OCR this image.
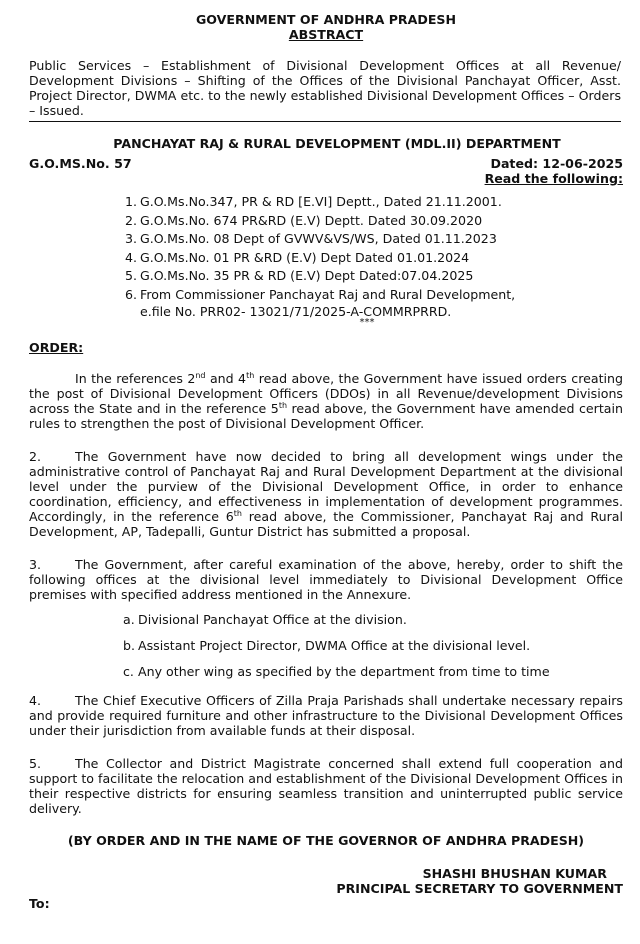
GOVERNMENT OF ANDHRA PRADESH
ABSTRACT

Public Services – Establishment of Divisional Development Offices at all Revenue/ Development Divisions – Shifting of the Offices of the Divisional Panchayat Officer, Asst. Project Director, DWMA etc. to the newly established Divisional Development Offices – Orders – Issued.

PANCHAYAT RAJ & RURAL DEVELOPMENT (MDL.II) DEPARTMENT
G.O.MS.No. 57	Dated: 12-06-2025
Read the following:
1. G.O.Ms.No.347, PR & RD [E.VI] Deptt., Dated 21.11.2001.
2. G.O.Ms.No. 674 PR&RD (E.V) Deptt. Dated 30.09.2020
3. G.O.Ms.No. 08 Dept of GVWV&VS/WS, Dated 01.11.2023
4. G.O.Ms.No. 01 PR &RD (E.V) Dept Dated 01.01.2024
5. G.O.Ms.No. 35 PR & RD (E.V) Dept Dated:07.04.2025
6. From Commissioner Panchayat Raj and Rural Development,
e.file No. PRR02- 13021/71/2025-A-COMMRPRRD.
***
ORDER:

In the references 2nd and 4th read above, the Government have issued orders creating the post of Divisional Development Officers (DDOs) in all Revenue/development Divisions across the State and in the reference 5th read above, the Government have amended certain rules to strengthen the post of Divisional Development Officer.

2.	The Government have now decided to bring all development wings under the administrative control of Panchayat Raj and Rural Development Department at the divisional level under the purview of the Divisional Development Office, in order to enhance coordination, efficiency, and effectiveness in implementation of development programmes. Accordingly, in the reference 6th read above, the Commissioner, Panchayat Raj and Rural Development, AP, Tadepalli, Guntur District has submitted a proposal.

3.	The Government, after careful examination of the above, hereby, order to shift the following offices at the divisional level immediately to Divisional Development Office premises with specified address mentioned in the Annexure.

a. Divisional Panchayat Office at the division.
b. Assistant Project Director, DWMA Office at the divisional level.
c. Any other wing as specified by the department from time to time

4.	The Chief Executive Officers of Zilla Praja Parishads shall undertake necessary repairs and provide required furniture and other infrastructure to the Divisional Development Offices under their jurisdiction from available funds at their disposal.

5.	The Collector and District Magistrate concerned shall extend full cooperation and support to facilitate the relocation and establishment of the Divisional Development Offices in their respective districts for ensuring seamless transition and uninterrupted public service delivery.

(BY ORDER AND IN THE NAME OF THE GOVERNOR OF ANDHRA PRADESH)
SHASHI BHUSHAN KUMAR
PRINCIPAL SECRETARY TO GOVERNMENT
To:
